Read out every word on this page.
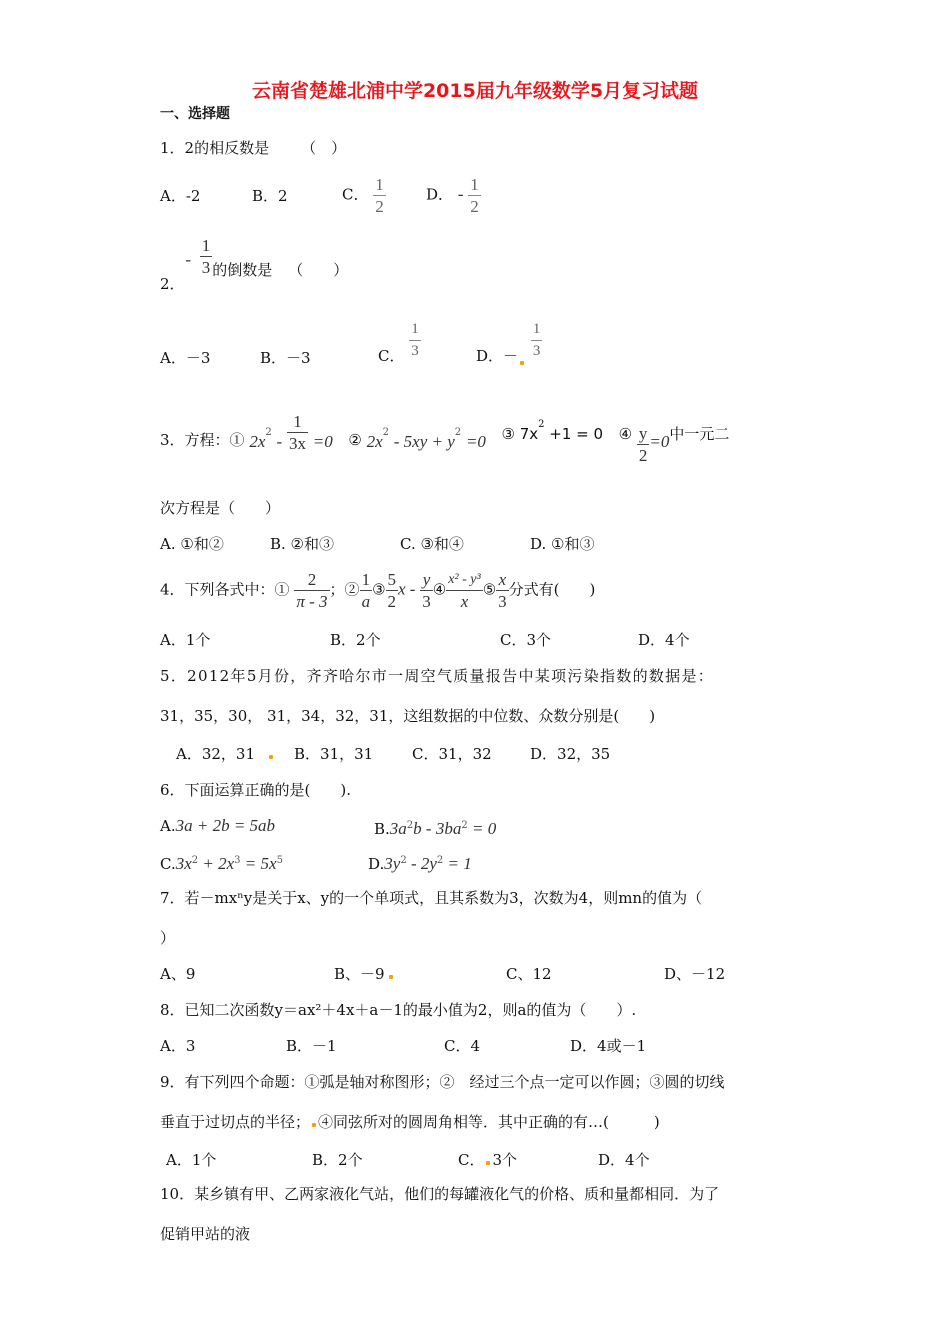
云南省楚雄北浦中学2015届九年级数学5月复习试题
一、选择题
1．2的相反数是 （　）
A．-2	B．2	C． $\frac{1}{2}$	D． - $\frac{1}{2}$
2． - $\frac{1}{3}$ 的倒数是 （　　）
A．－3	B．－3	C． $\frac{1}{3}$	D．－ $\frac{1}{3}$
3．方程：① $2x^2 - \frac{1}{3x} =0$ ② $2x^2 - 5xy + y^2 =0$ ③ $7x^2 +1 = 0$ ④ $\frac{y}{2} =0$中一元二
次方程是（　　）
A. ①和②	B. ②和③	C. ③和④	D. ①和③
4．下列各式中：① $\frac{2}{\pi - 3}$ ；② $\frac{1}{a}$ ③ $\frac{5}{2}$ x - $\frac{y}{3}$ ④ $\frac{\text{x² - y³}}{x}$ ⑤ $\frac{x}{3}$ 分式有(　　)
A．1个	B．2个	C．3个	D．4个
5．2012年5月份，齐齐哈尔市一周空气质量报告中某项污染指数的数据是：
31，35，30， 31，34，32，31，这组数据的中位数、众数分别是(　　)
A．32，31	B．31，31	C．31，32	D．32，35
6．下面运算正确的是(　　).
A.3a + 2b = 5ab	$B.3a^2b - 3ba^2 = 0$
$C.3x^2 + 2x^3 = 5x^5$	$D.3y^2 - 2y^2 = 1$
7．若－mxⁿy是关于x、y的一个单项式，且其系数为3，次数为4，则mn的值为（
）
A、9	B、－9	C、12	D、－12
8．已知二次函数y＝ax²＋4x＋a－1的最小值为2，则a的值为（　　）.
A．3	B．－1	C．4	D．4或－1
9．有下列四个命题：①弧是轴对称图形；②　经过三个点一定可以作圆；③圆的切线
垂直于过切点的半径； ④同弦所对的圆周角相等．其中正确的有…(　　　)
A．1个	B．2个	C． 3个	D．4个
10．某乡镇有甲、乙两家液化气站，他们的每罐液化气的价格、质和量都相同．为了
促销甲站的液
